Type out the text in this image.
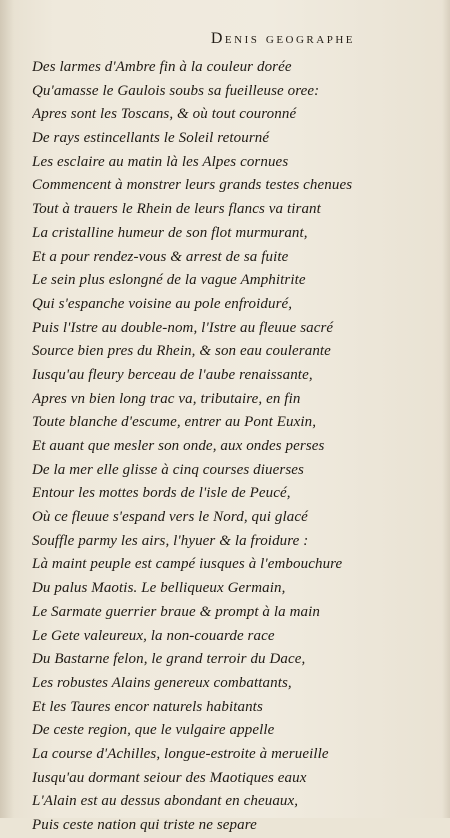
Denis geographe
Des larmes d'Ambre fin à la couleur dorée
Qu'amasse le Gaulois soubs sa fueilleuse oree:
Apres sont les Toscans, & où tout couronné
De rays estincellants le Soleil retourné
Les esclaire au matin là les Alpes cornues
Commencent à monstrer leurs grands testes chenues
Tout à trauers le Rhein de leurs flancs va tirant
La cristalline humeur de son flot murmurant,
Et a pour rendez-vous & arrest de sa fuite
Le sein plus eslongné de la vague Amphitrite
Qui s'espanche voisine au pole enfroiduré,
Puis l'Istre au double-nom, l'Istre au fleuue sacré
Source bien pres du Rhein, & son eau coulerante
Iusqu'au fleury berceau de l'aube renaissante,
Apres vn bien long trac va, tributaire, en fin
Toute blanche d'escume, entrer au Pont Euxin,
Et auant que mesler son onde, aux ondes perses
De la mer elle glisse à cinq courses diuerses
Entour les mottes bords de l'isle de Peucé,
Où ce fleuue s'espand vers le Nord, qui glacé
Souffle parmy les airs, l'hyuer & la froidure :
Là maint peuple est campé iusques à l'embouchure
Du palus Maotis. Le belliqueux Germain,
Le Sarmate guerrier braue & prompt à la main
Le Gete valeureux, la non-couarde race
Du Bastarne felon, le grand terroir du Dace,
Les robustes Alains genereux combattants,
Et les Taures encor naturels habitants
De ceste region, que le vulgaire appelle
La course d'Achilles, longue-estroite à merueille
Iusqu'au dormant seiour des Maotiques eaux
L'Alain est au dessus abondant en cheuaux,
Puis ceste nation qui triste ne separe
